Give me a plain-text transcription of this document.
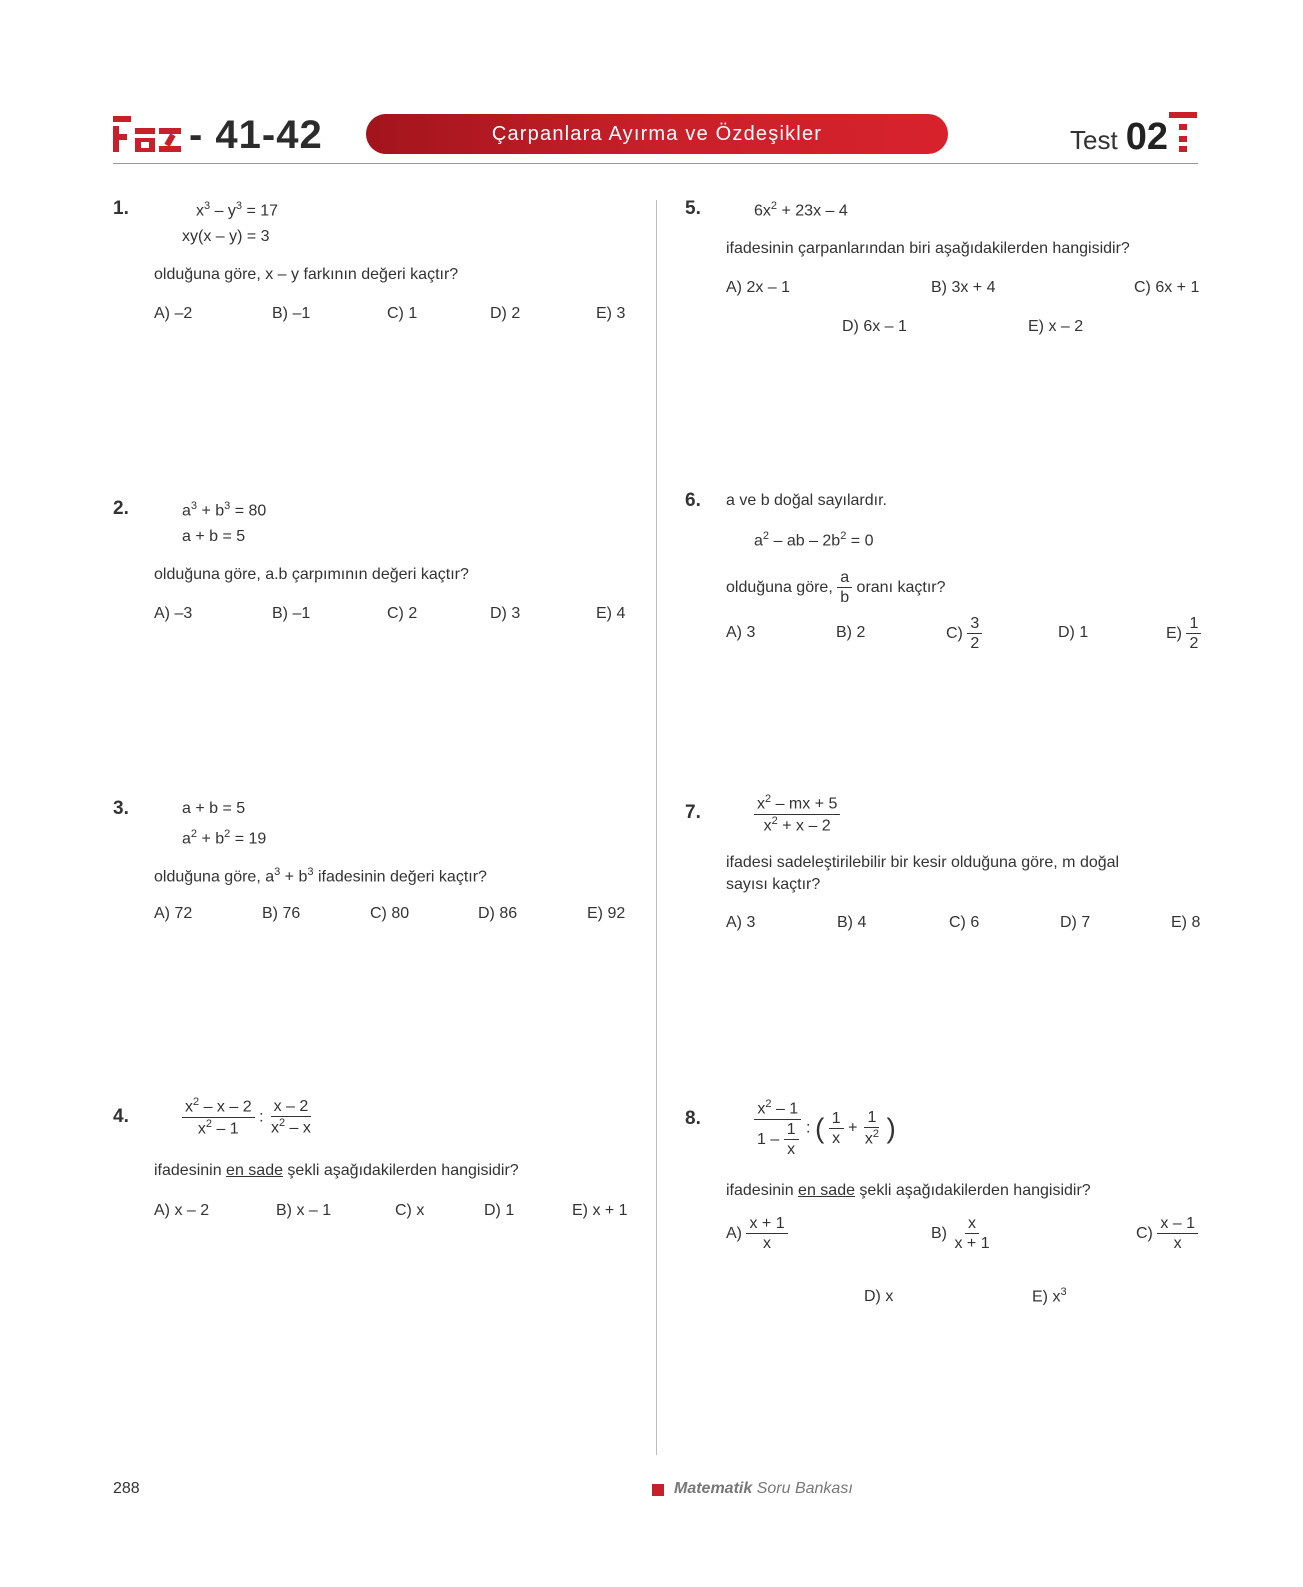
- 41-42	Çarpanlara Ayırma ve Özdeşikler	Test 02
1.	$x^3 - y^3 = 17$
xy(x – y) = 3
olduğuna göre, x – y farkının değeri kaçtır?
A) –2	B) –1	C) 1	D) 2	E) 3
2.	$a^3 + b^3 = 80$
a + b = 5
olduğuna göre, a.b çarpımının değeri kaçtır?
A) –3	B) –1	C) 2	D) 3	E) 4
3.	a + b = 5
$a^2 + b^2 = 19$
olduğuna göre, $a^3 + b^3$ ifadesinin değeri kaçtır?
A) 72	B) 76	C) 80	D) 86	E) 92
4.	$\frac{x^2 - x - 2}{x^2 - 1}$ : $\frac{x - 2}{x^2 - x}$
ifadesinin en sade şekli aşağıdakilerden hangisidir?
A) x – 2	B) x – 1	C) x	D) 1	E) x + 1
5.	$6x^2 + 23x - 4$
ifadesinin çarpanlarından biri aşağıdakilerden hangisidir?
A) 2x – 1	B) 3x + 4	C) 6x + 1
D) 6x – 1	E) x – 2
6. a ve b doğal sayılardır.
$a^2$ – ab – $2b^2 = 0$
olduğuna göre, $\frac{a}{b}$ oranı kaçtır?
A) 3	B) 2	$C) \frac{3}{2}$	D) 1	$E) \frac{1}{2}$
7.	$\frac{x^2 - mx + 5}{x^2 + x - 2}$
ifadesi sadeleştirilebilir bir kesir olduğuna göre, m doğal
sayısı kaçtır?
A) 3	B) 4	C) 6	D) 7	E) 8
8.	$\frac{x^2 - 1}{1 - \frac{1}{x}}$ : ( $\frac{1}{x} + \frac{1}{x^2}$ )
ifadesinin en sade şekli aşağıdakilerden hangisidir?
$A) \frac{x + 1}{x}$	$B) \frac{x}{x + 1}$	$C) \frac{x - 1}{x}$
D) x	E) $x^3$
288	Matematik Soru Bankası
